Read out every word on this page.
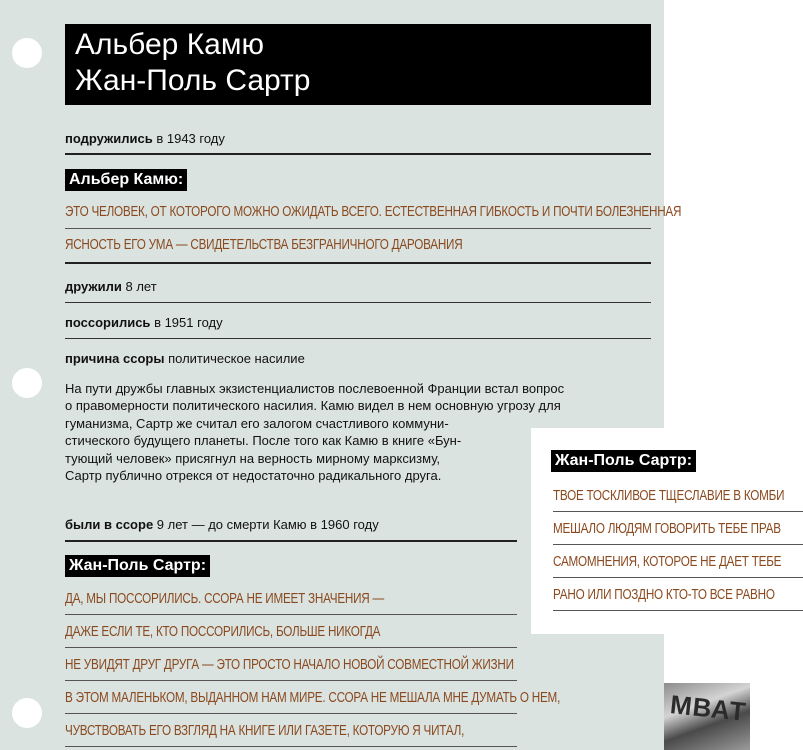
Альбер Камю
Жан-Поль Сартр
подружились в 1943 году
Альбер Камю:
ЭТО ЧЕЛОВЕК, ОТ КОТОРОГО МОЖНО ОЖИДАТЬ ВСЕГО. ЕСТЕСТВЕННАЯ ГИБКОСТЬ И ПОЧТИ БОЛЕЗНЕННАЯ
ЯСНОСТЬ ЕГО УМА — СВИДЕТЕЛЬСТВА БЕЗГРАНИЧНОГО ДАРОВАНИЯ
дружили 8 лет
поссорились в 1951 году
причина ссоры политическое насилие
На пути дружбы главных экзистенциалистов послевоенной Франции встал вопрос
о правомерности политического насилия. Камю видел в нем основную угрозу для
гуманизма, Сартр же считал его залогом счастливого коммуни-
стического будущего планеты. После того как Камю в книге «Бун-
тующий человек» присягнул на верность мирному марксизму,
Сартр публично отрекся от недостаточно радикального друга.
были в ссоре 9 лет — до смерти Камю в 1960 году
Жан-Поль Сартр:
ДА, МЫ ПОССОРИЛИСЬ. ССОРА НЕ ИМЕЕТ ЗНАЧЕНИЯ —
ДАЖЕ ЕСЛИ ТЕ, КТО ПОССОРИЛИСЬ, БОЛЬШЕ НИКОГДА
НЕ УВИДЯТ ДРУГ ДРУГА — ЭТО ПРОСТО НАЧАЛО НОВОЙ СОВМЕСТНОЙ ЖИЗНИ
В ЭТОМ МАЛЕНЬКОМ, ВЫДАННОМ НАМ МИРЕ. ССОРА НЕ МЕШАЛА МНЕ ДУМАТЬ О НЕМ,
ЧУВСТВОВАТЬ ЕГО ВЗГЛЯД НА КНИГЕ ИЛИ ГАЗЕТЕ, КОТОРУЮ Я ЧИТАЛ,
Жан-Поль Сартр:
ТВОЕ ТОСКЛИВОЕ ТЩЕСЛАВИЕ В КОМБИ
МЕШАЛО ЛЮДЯМ ГОВОРИТЬ ТЕБЕ ПРАВ
САМОМНЕНИЯ, КОТОРОЕ НЕ ДАЕТ ТЕБЕ
РАНО ИЛИ ПОЗДНО КТО-ТО ВСЕ РАВНО
МВАТ
